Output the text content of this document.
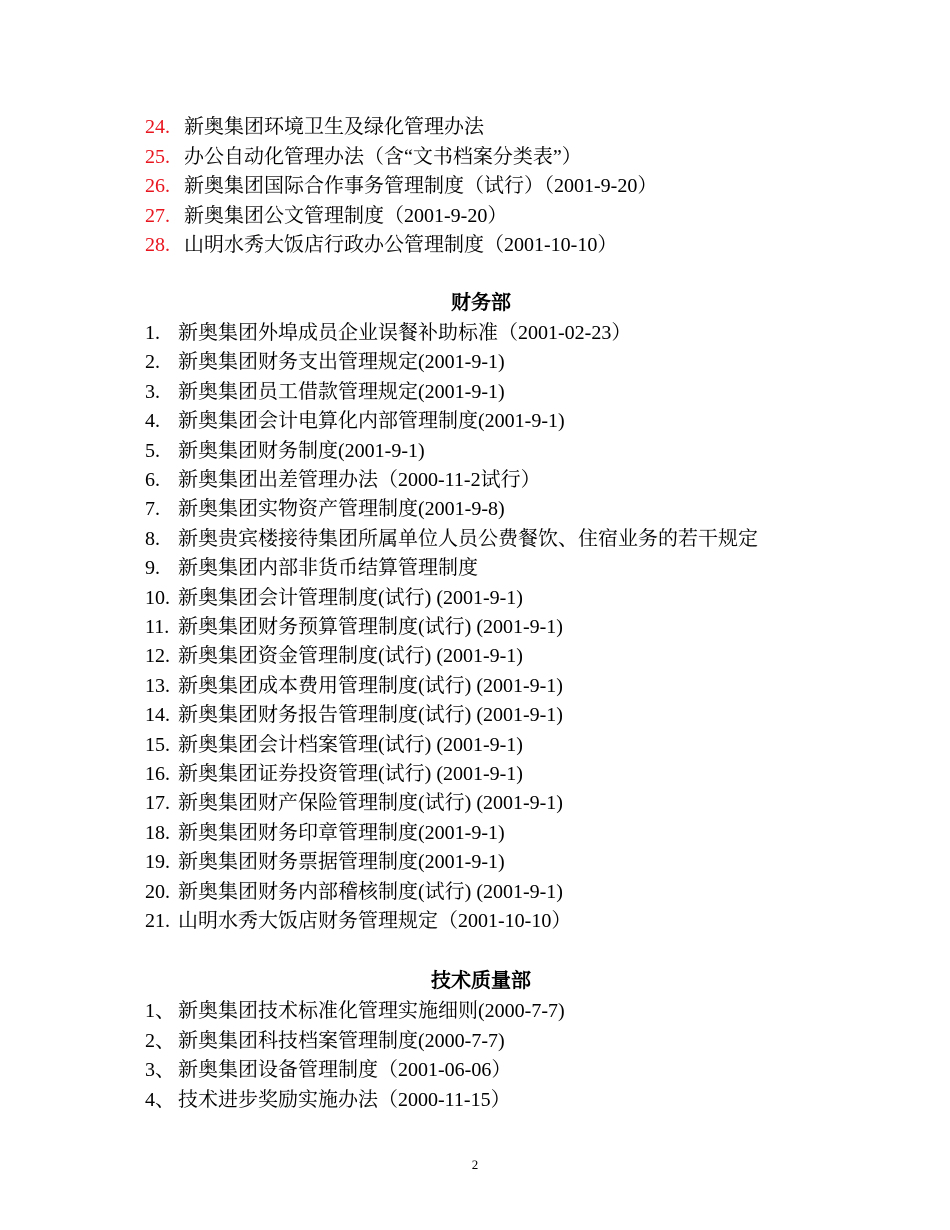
24. 新奥集团环境卫生及绿化管理办法
25. 办公自动化管理办法（含“文书档案分类表”）
26. 新奥集团国际合作事务管理制度（试行）（2001-9-20）
27. 新奥集团公文管理制度（2001-9-20）
28. 山明水秀大饭店行政办公管理制度（2001-10-10）
财务部
1. 新奥集团外埠成员企业误餐补助标准（2001-02-23）
2. 新奥集团财务支出管理规定(2001-9-1)
3. 新奥集团员工借款管理规定(2001-9-1)
4. 新奥集团会计电算化内部管理制度(2001-9-1)
5. 新奥集团财务制度(2001-9-1)
6. 新奥集团出差管理办法（2000-11-2试行）
7. 新奥集团实物资产管理制度(2001-9-8)
8. 新奥贵宾楼接待集团所属单位人员公费餐饮、住宿业务的若干规定
9. 新奥集团内部非货币结算管理制度
10. 新奥集团会计管理制度(试行) (2001-9-1)
11. 新奥集团财务预算管理制度(试行) (2001-9-1)
12. 新奥集团资金管理制度(试行) (2001-9-1)
13. 新奥集团成本费用管理制度(试行) (2001-9-1)
14. 新奥集团财务报告管理制度(试行) (2001-9-1)
15. 新奥集团会计档案管理(试行) (2001-9-1)
16. 新奥集团证券投资管理(试行) (2001-9-1)
17. 新奥集团财产保险管理制度(试行) (2001-9-1)
18. 新奥集团财务印章管理制度(2001-9-1)
19. 新奥集团财务票据管理制度(2001-9-1)
20. 新奥集团财务内部稽核制度(试行) (2001-9-1)
21. 山明水秀大饭店财务管理规定（2001-10-10）
技术质量部
1、 新奥集团技术标准化管理实施细则(2000-7-7)
2、 新奥集团科技档案管理制度(2000-7-7)
3、 新奥集团设备管理制度（2001-06-06）
4、 技术进步奖励实施办法（2000-11-15）
2
